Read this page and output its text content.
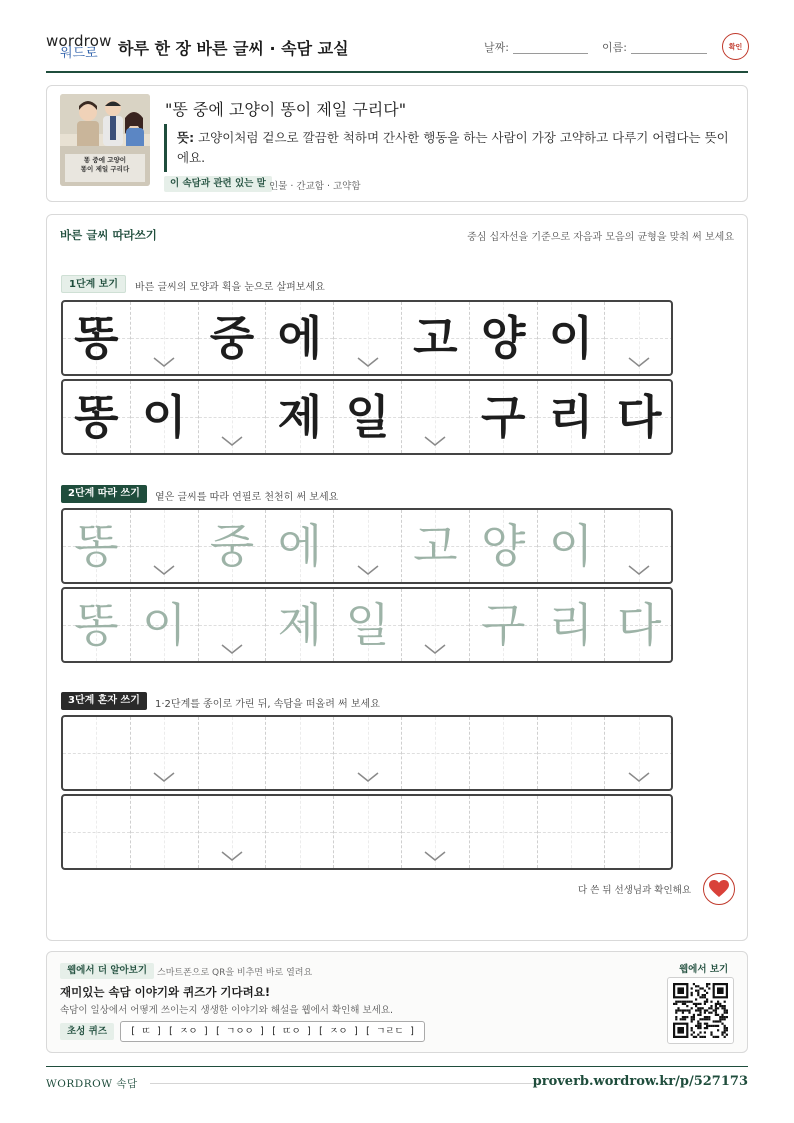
wordrow
워드로 하루 한 장 바른 글씨 · 속담 교실	날짜:	이름:	확인
똥 중에 고양이
똥이 제일 구리다
"똥 중에 고양이 똥이 제일 구리다"
뜻: 고양이처럼 겉으로 깔끔한 척하며 간사한 행동을 하는 사람이 가장 고약하고 다루기 어렵다는 뜻이에요.
이 속담과 관련 있는 말 인물 · 간교함 · 고약함
바른 글씨 따라쓰기	중심 십자선을 기준으로 자음과 모음의 균형을 맞춰 써 보세요
1단계 보기	바른 글씨의 모양과 획을 눈으로 살펴보세요
똥 중 에 고 양 이
똥 이 제 일 구 리 다
2단계 따라 쓰기	옅은 글씨를 따라 연필로 천천히 써 보세요
똥 중 에 고 양 이
똥 이 제 일 구 리 다
3단계 혼자 쓰기	1·2단계를 종이로 가린 뒤, 속담을 떠올려 써 보세요
다 쓴 뒤 선생님과 확인해요
웹에서 더 알아보기	스마트폰으로 QR을 비추면 바로 열려요
재미있는 속담 이야기와 퀴즈가 기다려요!
속담이 일상에서 어떻게 쓰이는지 생생한 이야기와 해설을 웹에서 확인해 보세요.
초성 퀴즈	[ ㄸ ] [ ㅈㅇ ] [ ㄱㅇㅇ ] [ ㄸㅇ ] [ ㅈㅇ ] [ ㄱㄹㄷ ]
웹에서 보기
WORDROW 속담	proverb.wordrow.kr/p/527173
